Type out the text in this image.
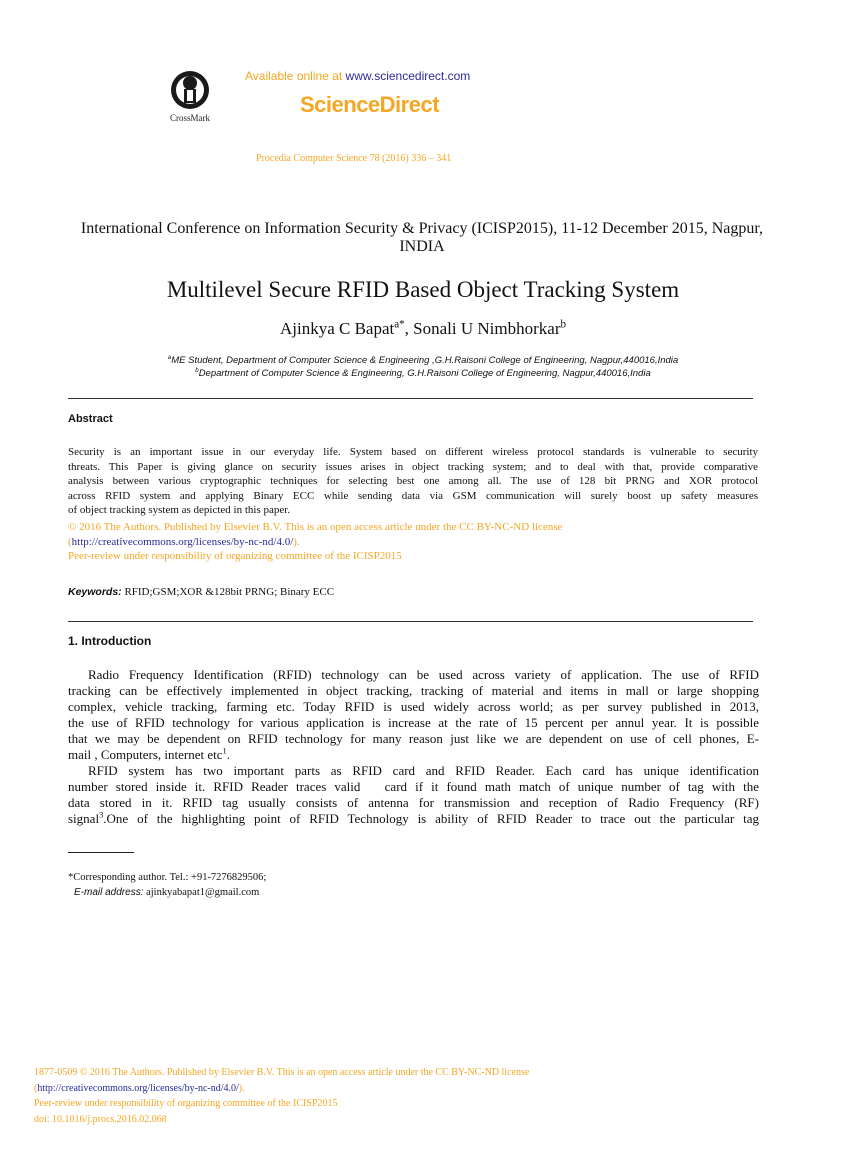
CrossMark
Available online at www.sciencedirect.com
ScienceDirect
Procedia Computer Science 78 (2016) 336 – 341
International Conference on Information Security & Privacy (ICISP2015), 11-12 December 2015, Nagpur, INDIA
Multilevel Secure RFID Based Object Tracking System
Ajinkya C Bapat$^{a*}$, Sonali U Nimbhorkar$^b$
$^a$ME Student, Department of Computer Science & Engineering ,G.H.Raisoni College of Engineering, Nagpur,440016,India
$^b$Department of Computer Science & Engineering, G.H.Raisoni College of Engineering, Nagpur,440016,India
Abstract

Security is an important issue in our everyday life. System based on different wireless protocol standards is vulnerable to security

threats. This Paper is giving glance on security issues arises in object tracking system; and to deal with that, provide comparative

analysis between various cryptographic techniques for selecting best one among all. The use of 128 bit PRNG and XOR protocol

across RFID system and applying Binary ECC while sending data via GSM communication will surely boost up safety measures

of object tracking system as depicted in this paper.

© 2016 The Authors. Published by Elsevier B.V. This is an open access article under the CC BY-NC-ND license

(http://creativecommons.org/licenses/by-nc-nd/4.0/).

Peer-review under responsibility of organizing committee of the ICISP2015

Keywords: RFID;GSM;XOR &128bit PRNG; Binary ECC
1. Introduction

Radio Frequency Identification (RFID) technology can be used across variety of application. The use of RFID

tracking can be effectively implemented in object tracking, tracking of material and items in mall or large shopping

complex, vehicle tracking, farming etc. Today RFID is used widely across world; as per survey published in 2013,

the use of RFID technology for various application is increase at the rate of 15 percent per annul year. It is possible

that we may be dependent on RFID technology for many reason just like we are dependent on use of cell phones, E-

mail , Computers, internet etc$^1$.

RFID system has two important parts as RFID card and RFID Reader. Each card has unique identification

number stored inside it. RFID Reader traces valid   card if it found math match of unique number of tag with the

data stored in it. RFID tag usually consists of antenna for transmission and reception of Radio Frequency (RF)

signal$^3$.One of the highlighting point of RFID Technology is ability of RFID Reader to trace out the particular tag

*Corresponding author. Tel.: +91-7276829506;
E-mail address: ajinkyabapat1@gmail.com
1877-0509 © 2016 The Authors. Published by Elsevier B.V. This is an open access article under the CC BY-NC-ND license
(http://creativecommons.org/licenses/by-nc-nd/4.0/).
Peer-review under responsibility of organizing committee of the ICISP2015
doi: 10.1016/j.procs.2016.02.068
